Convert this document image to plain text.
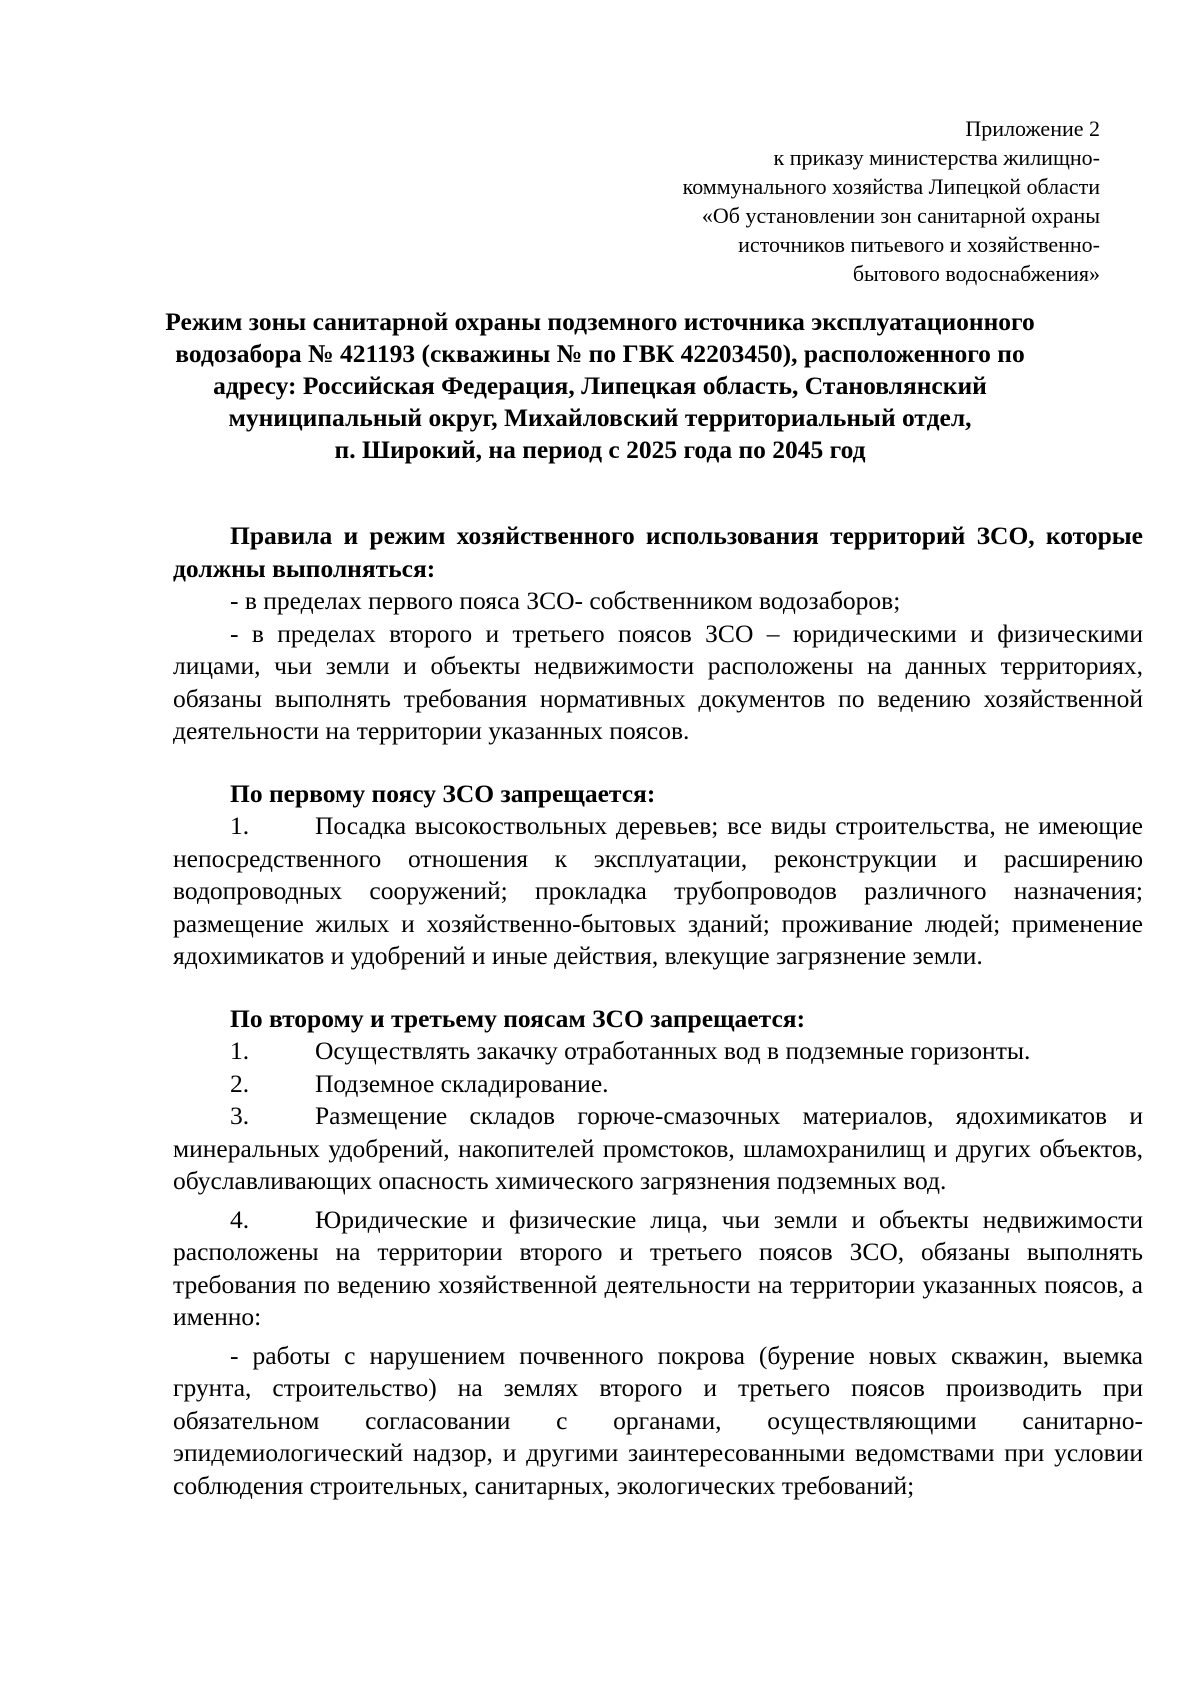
Приложение 2
к приказу министерства жилищно-
коммунального хозяйства Липецкой области
«Об установлении зон санитарной охраны
источников питьевого и хозяйственно-
бытового водоснабжения»
Режим зоны санитарной охраны подземного источника эксплуатационного
водозабора № 421193 (скважины № по ГВК 42203450), расположенного по
адресу: Российская Федерация, Липецкая область, Становлянский
муниципальный округ, Михайловский территориальный отдел,
п. Широкий, на период с 2025 года по 2045 год

Правила и режим хозяйственного использования территорий ЗСО, которые должны выполняться:

- в пределах первого пояса ЗСО- собственником водозаборов;

- в пределах второго и третьего поясов ЗСО – юридическими и физическими лицами, чьи земли и объекты недвижимости расположены на данных территориях, обязаны выполнять требования нормативных документов по ведению хозяйственной деятельности на территории указанных поясов.

По первому поясу ЗСО запрещается:

1.	Посадка высокоствольных деревьев; все виды строительства, не имеющие непосредственного отношения к эксплуатации, реконструкции и расширению водопроводных сооружений; прокладка трубопроводов различного назначения; размещение жилых и хозяйственно-бытовых зданий; проживание людей; применение ядохимикатов и удобрений и иные действия, влекущие загрязнение земли.

По второму и третьему поясам ЗСО запрещается:

1.	Осуществлять закачку отработанных вод в подземные горизонты.

2.	Подземное складирование.

3.	Размещение складов горюче-смазочных материалов, ядохимикатов и минеральных удобрений, накопителей промстоков, шламохранилищ и других объектов, обуславливающих опасность химического загрязнения подземных вод.

4.	Юридические и физические лица, чьи земли и объекты недвижимости расположены на территории второго и третьего поясов ЗСО, обязаны выполнять требования по ведению хозяйственной деятельности на территории указанных поясов, а именно:

- работы с нарушением почвенного покрова (бурение новых скважин, выемка грунта, строительство) на землях второго и третьего поясов производить при обязательном согласовании с органами, осуществляющими санитарно-эпидемиологический надзор, и другими заинтересованными ведомствами при условии соблюдения строительных, санитарных, экологических требований;
